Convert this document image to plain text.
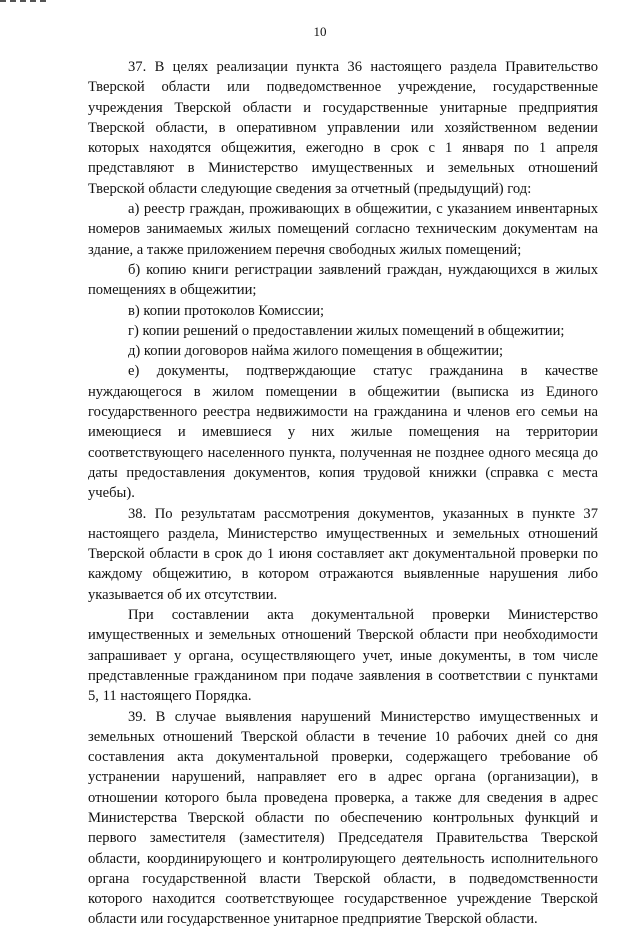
10

37. В целях реализации пункта 36 настоящего раздела Правительство Тверской области или подведомственное учреждение, государственные учреждения Тверской области и государственные унитарные предприятия Тверской области, в оперативном управлении или хозяйственном ведении которых находятся общежития, ежегодно в срок с 1 января по 1 апреля представляют в Министерство имущественных и земельных отношений Тверской области следующие сведения за отчетный (предыдущий) год:

а) реестр граждан, проживающих в общежитии, с указанием инвентарных номеров занимаемых жилых помещений согласно техническим документам на здание, а также приложением перечня свободных жилых помещений;

б) копию книги регистрации заявлений граждан, нуждающихся в жилых помещениях в общежитии;

в) копии протоколов Комиссии;

г) копии решений о предоставлении жилых помещений в общежитии;

д) копии договоров найма жилого помещения в общежитии;

е) документы, подтверждающие статус гражданина в качестве нуждающегося в жилом помещении в общежитии (выписка из Единого государственного реестра недвижимости на гражданина и членов его семьи на имеющиеся и имевшиеся у них жилые помещения на территории соответствующего населенного пункта, полученная не позднее одного месяца до даты предоставления документов, копия трудовой книжки (справка с места учебы).

38. По результатам рассмотрения документов, указанных в пункте 37 настоящего раздела, Министерство имущественных и земельных отношений Тверской области в срок до 1 июня составляет акт документальной проверки по каждому общежитию, в котором отражаются выявленные нарушения либо указывается об их отсутствии.

При составлении акта документальной проверки Министерство имущественных и земельных отношений Тверской области при необходимости запрашивает у органа, осуществляющего учет, иные документы, в том числе представленные гражданином при подаче заявления в соответствии с пунктами 5, 11 настоящего Порядка.

39. В случае выявления нарушений Министерство имущественных и земельных отношений Тверской области в течение 10 рабочих дней со дня составления акта документальной проверки, содержащего требование об устранении нарушений, направляет его в адрес органа (организации), в отношении которого была проведена проверка, а также для сведения в адрес Министерства Тверской области по обеспечению контрольных функций и первого заместителя (заместителя) Председателя Правительства Тверской области, координирующего и контролирующего деятельность исполнительного органа государственной власти Тверской области, в подведомственности которого находится соответствующее государственное учреждение Тверской области или государственное унитарное предприятие Тверской области.
